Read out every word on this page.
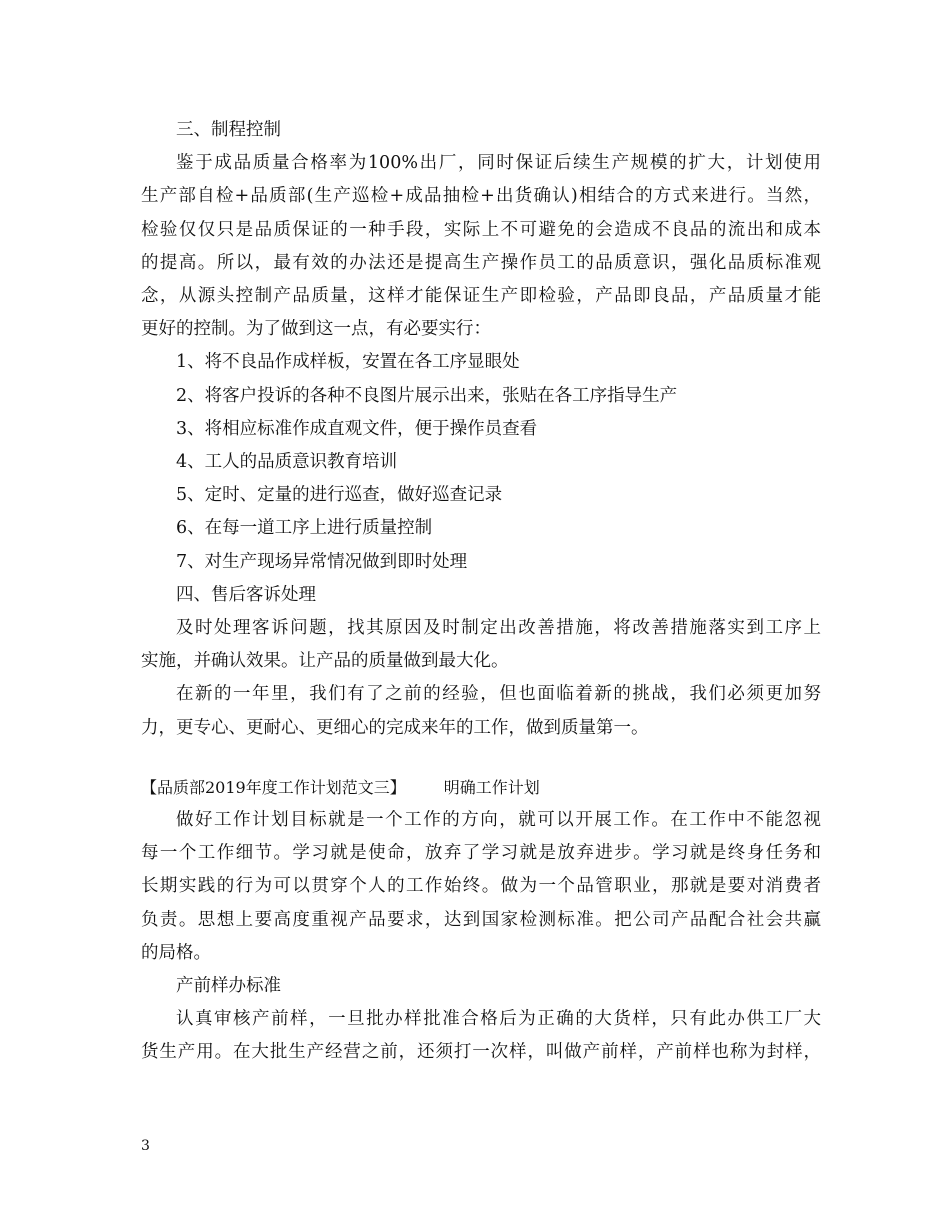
三、制程控制
鉴于成品质量合格率为100%出厂，同时保证后续生产规模的扩大，计划使用
生产部自检+品质部(生产巡检+成品抽检+出货确认)相结合的方式来进行。当然，
检验仅仅只是品质保证的一种手段，实际上不可避免的会造成不良品的流出和成本
的提高。所以，最有效的办法还是提高生产操作员工的品质意识，强化品质标准观
念，从源头控制产品质量，这样才能保证生产即检验，产品即良品，产品质量才能
更好的控制。为了做到这一点，有必要实行：
1、将不良品作成样板，安置在各工序显眼处
2、将客户投诉的各种不良图片展示出来，张贴在各工序指导生产
3、将相应标准作成直观文件，便于操作员查看
4、工人的品质意识教育培训
5、定时、定量的进行巡查，做好巡查记录
6、在每一道工序上进行质量控制
7、对生产现场异常情况做到即时处理
四、售后客诉处理
及时处理客诉问题，找其原因及时制定出改善措施，将改善措施落实到工序上
实施，并确认效果。让产品的质量做到最大化。
在新的一年里，我们有了之前的经验，但也面临着新的挑战，我们必须更加努
力，更专心、更耐心、更细心的完成来年的工作，做到质量第一。
【品质部2019年度工作计划范文三】 明确工作计划
做好工作计划目标就是一个工作的方向，就可以开展工作。在工作中不能忽视
每一个工作细节。学习就是使命，放弃了学习就是放弃进步。学习就是终身任务和
长期实践的行为可以贯穿个人的工作始终。做为一个品管职业，那就是要对消费者
负责。思想上要高度重视产品要求，达到国家检测标准。把公司产品配合社会共赢
的局格。
产前样办标准
认真审核产前样，一旦批办样批准合格后为正确的大货样，只有此办供工厂大
货生产用。在大批生产经营之前，还须打一次样，叫做产前样，产前样也称为封样，
3
